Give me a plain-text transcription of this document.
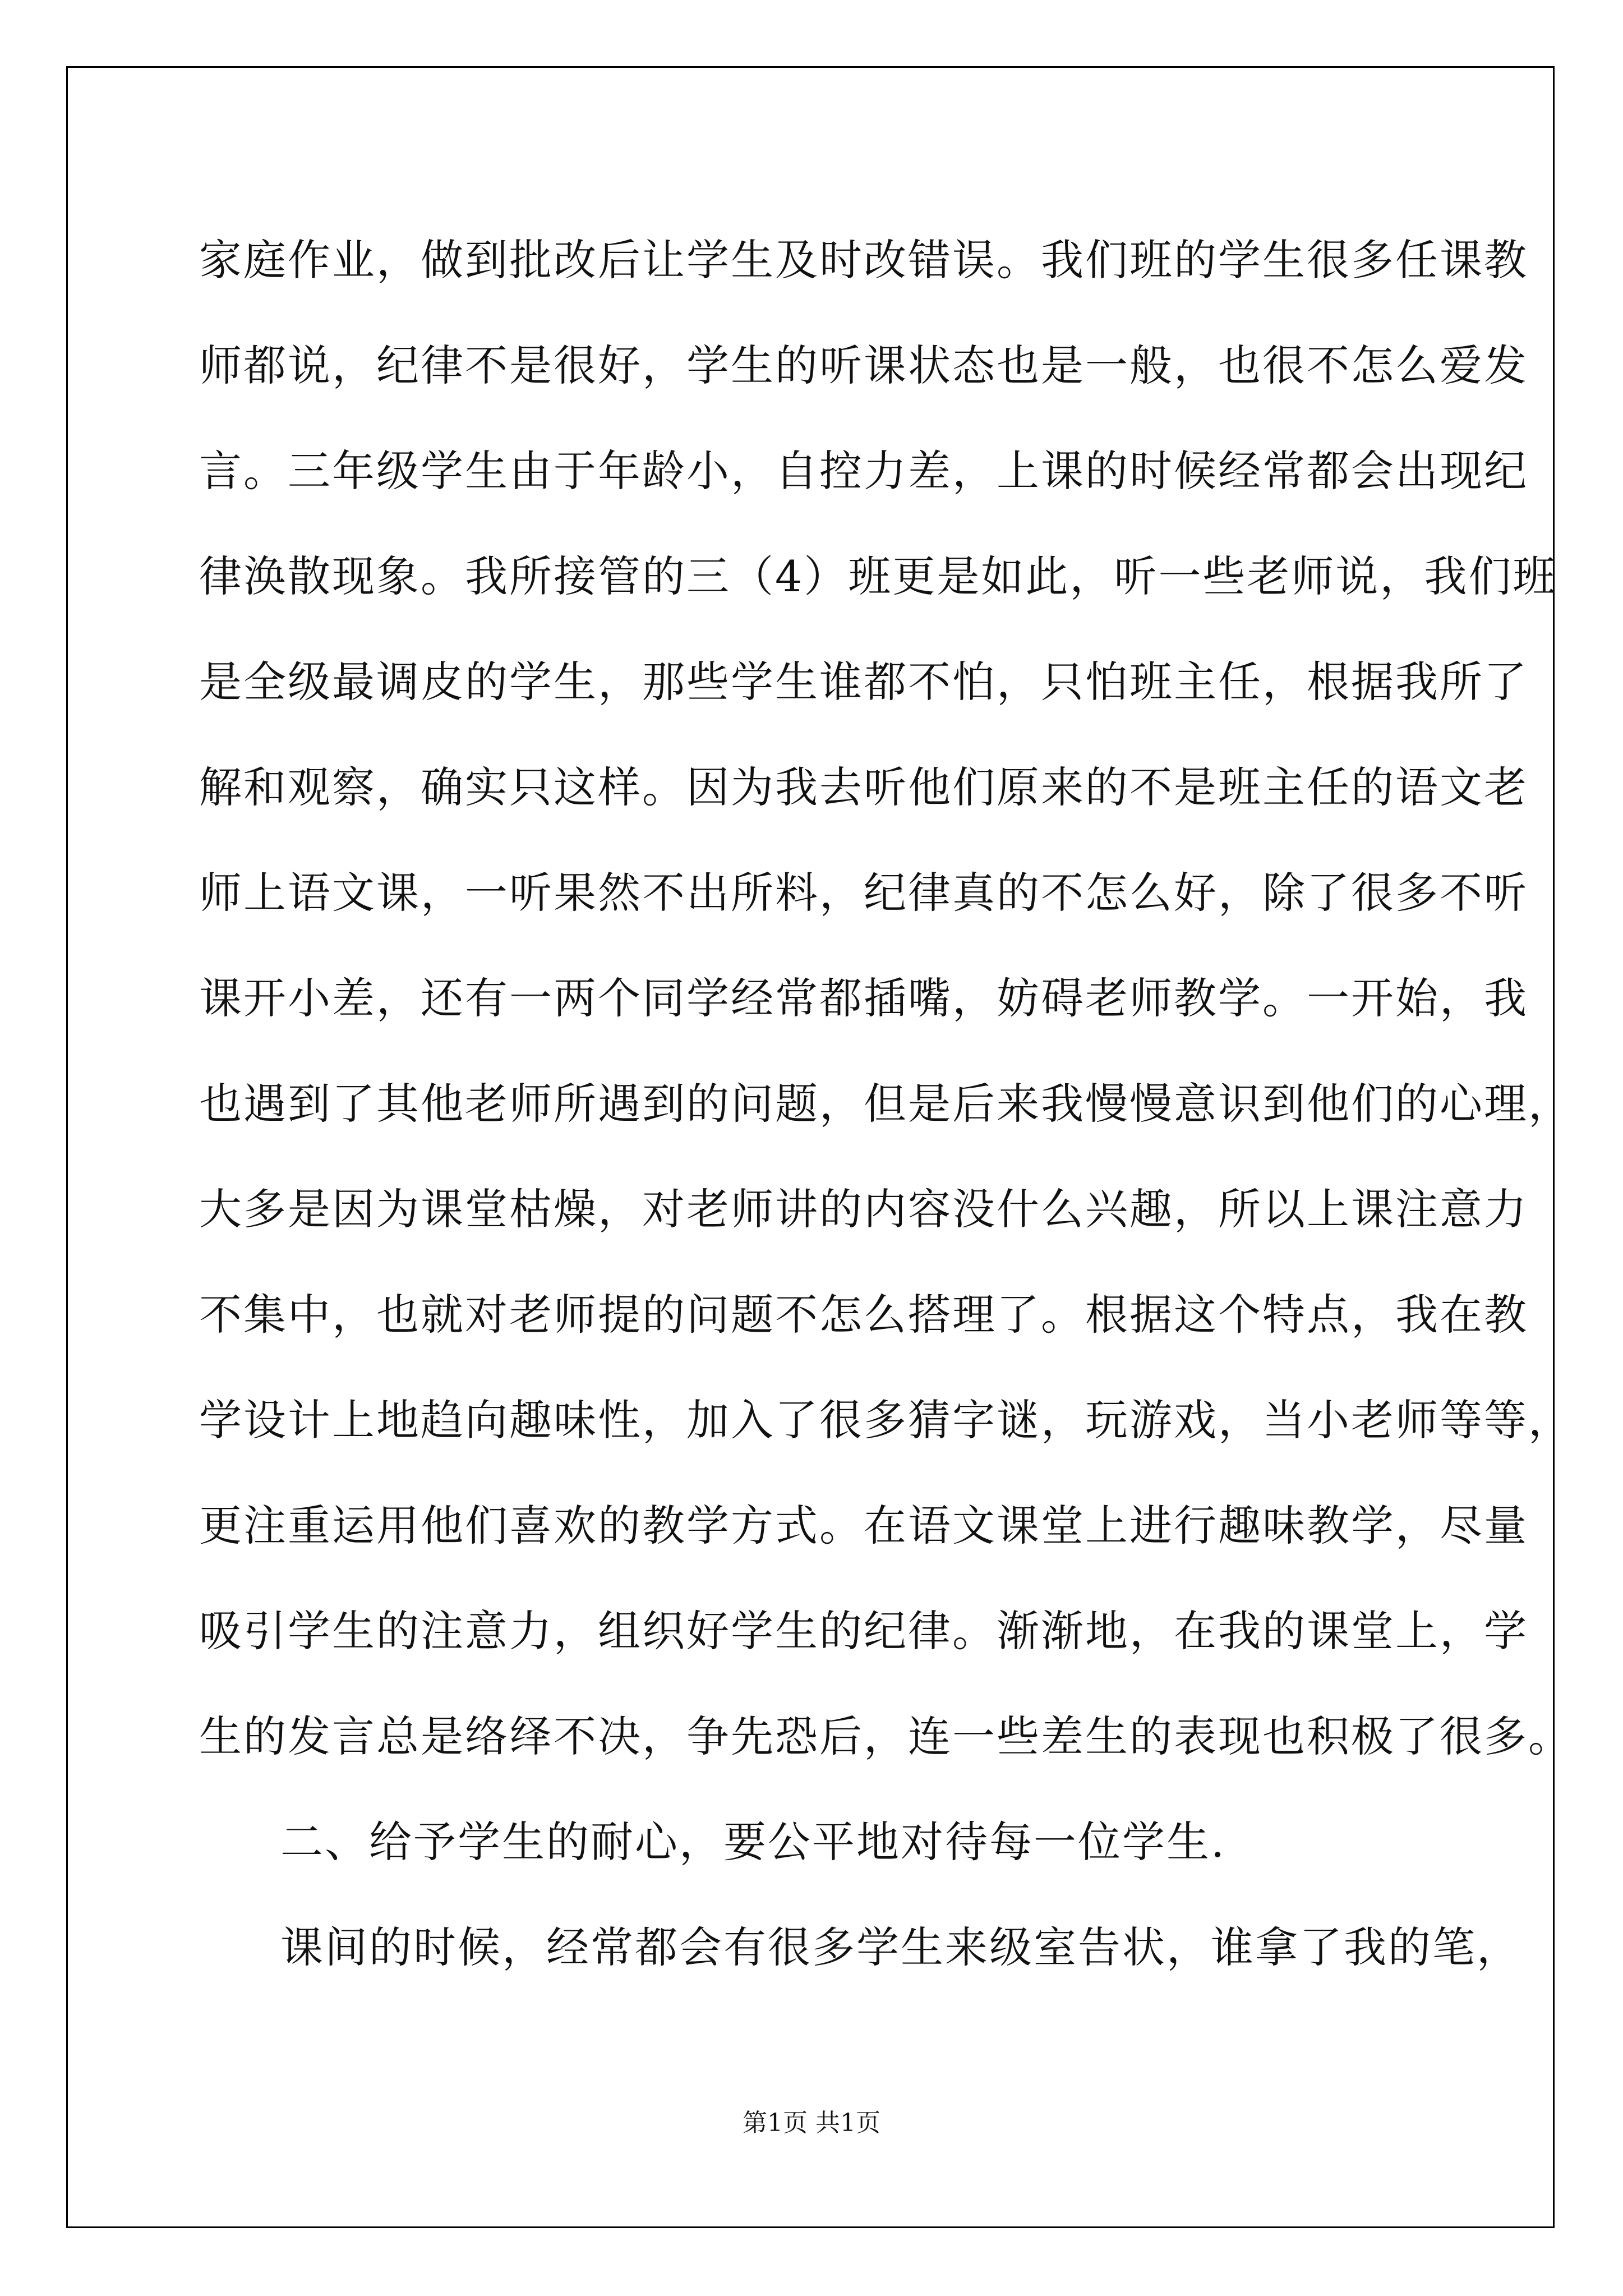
家庭作业，做到批改后让学生及时改错误。我们班的学生很多任课教
师都说，纪律不是很好，学生的听课状态也是一般，也很不怎么爱发
言。三年级学生由于年龄小，自控力差，上课的时候经常都会出现纪
律涣散现象。我所接管的三（4）班更是如此，听一些老师说，我们班
是全级最调皮的学生，那些学生谁都不怕，只怕班主任，根据我所了
解和观察，确实只这样。因为我去听他们原来的不是班主任的语文老
师上语文课，一听果然不出所料，纪律真的不怎么好，除了很多不听
课开小差，还有一两个同学经常都插嘴，妨碍老师教学。一开始，我
也遇到了其他老师所遇到的问题，但是后来我慢慢意识到他们的心理，
大多是因为课堂枯燥，对老师讲的内容没什么兴趣，所以上课注意力
不集中，也就对老师提的问题不怎么搭理了。根据这个特点，我在教
学设计上地趋向趣味性，加入了很多猜字谜，玩游戏，当小老师等等，
更注重运用他们喜欢的教学方式。在语文课堂上进行趣味教学，尽量
吸引学生的注意力，组织好学生的纪律。渐渐地，在我的课堂上，学
生的发言总是络绎不决，争先恐后，连一些差生的表现也积极了很多。
二、给予学生的耐心，要公平地对待每一位学生.
课间的时候，经常都会有很多学生来级室告状，谁拿了我的笔，
第1页 共1页
